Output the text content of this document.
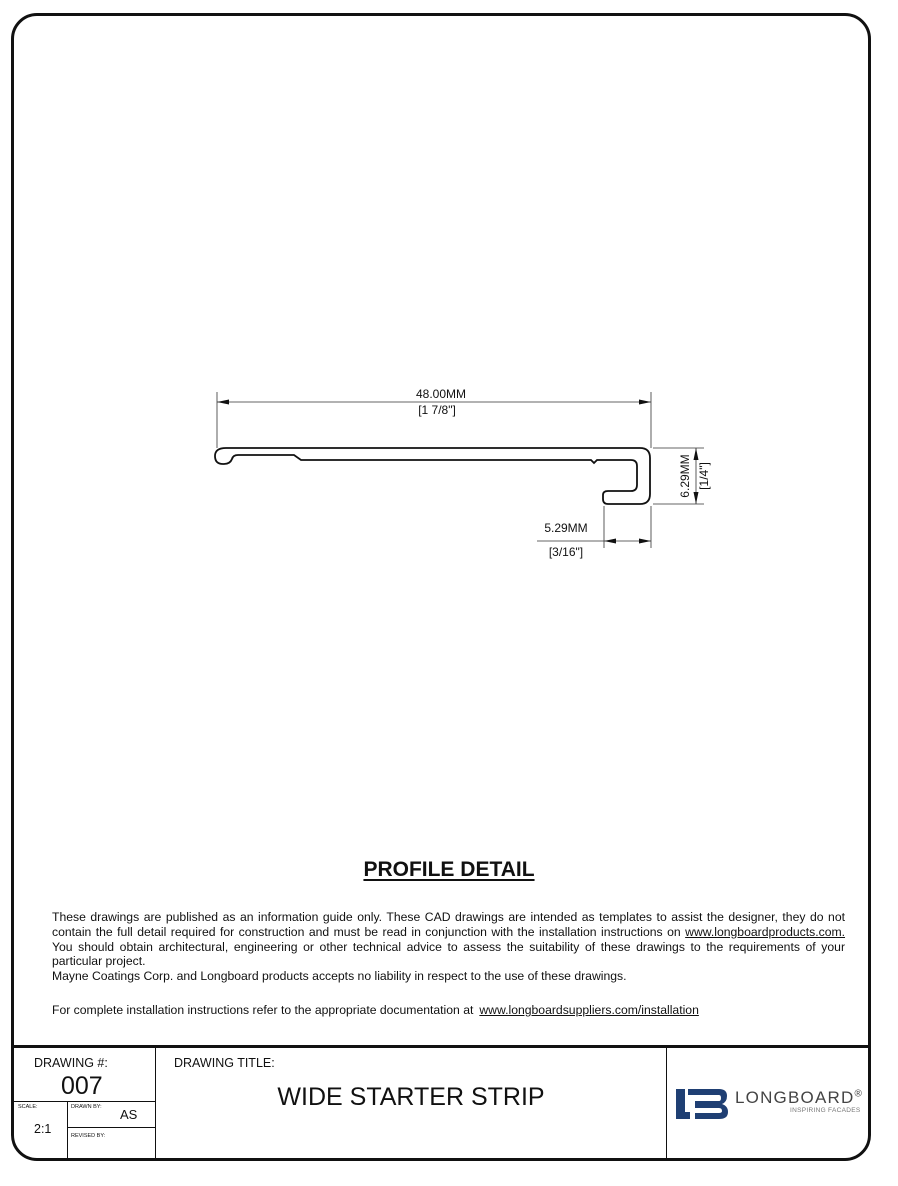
48.00MM
[1 7/8"]
6.29MM [1/4"]
5.29MM
[3/16"]
PROFILE DETAIL

These drawings are published as an information guide only. These CAD drawings are intended as templates to assist the designer, they do not contain the full detail required for construction and must be read in conjunction with the installation instructions on www.longboardproducts.com. You should obtain architectural, engineering or other technical advice to assess the suitability of these drawings to the requirements of your particular project.

Mayne Coatings Corp. and Longboard products accepts no liability in respect to the use of these drawings.

For complete installation instructions refer to the appropriate documentation at www.longboardsuppliers.com/installation
DRAWING #:
007
SCALE:
2:1
DRAWN BY: AS
REVISED BY:
DRAWING TITLE:
WIDE STARTER STRIP	LONGBOARD®
INSPIRING FACADES
